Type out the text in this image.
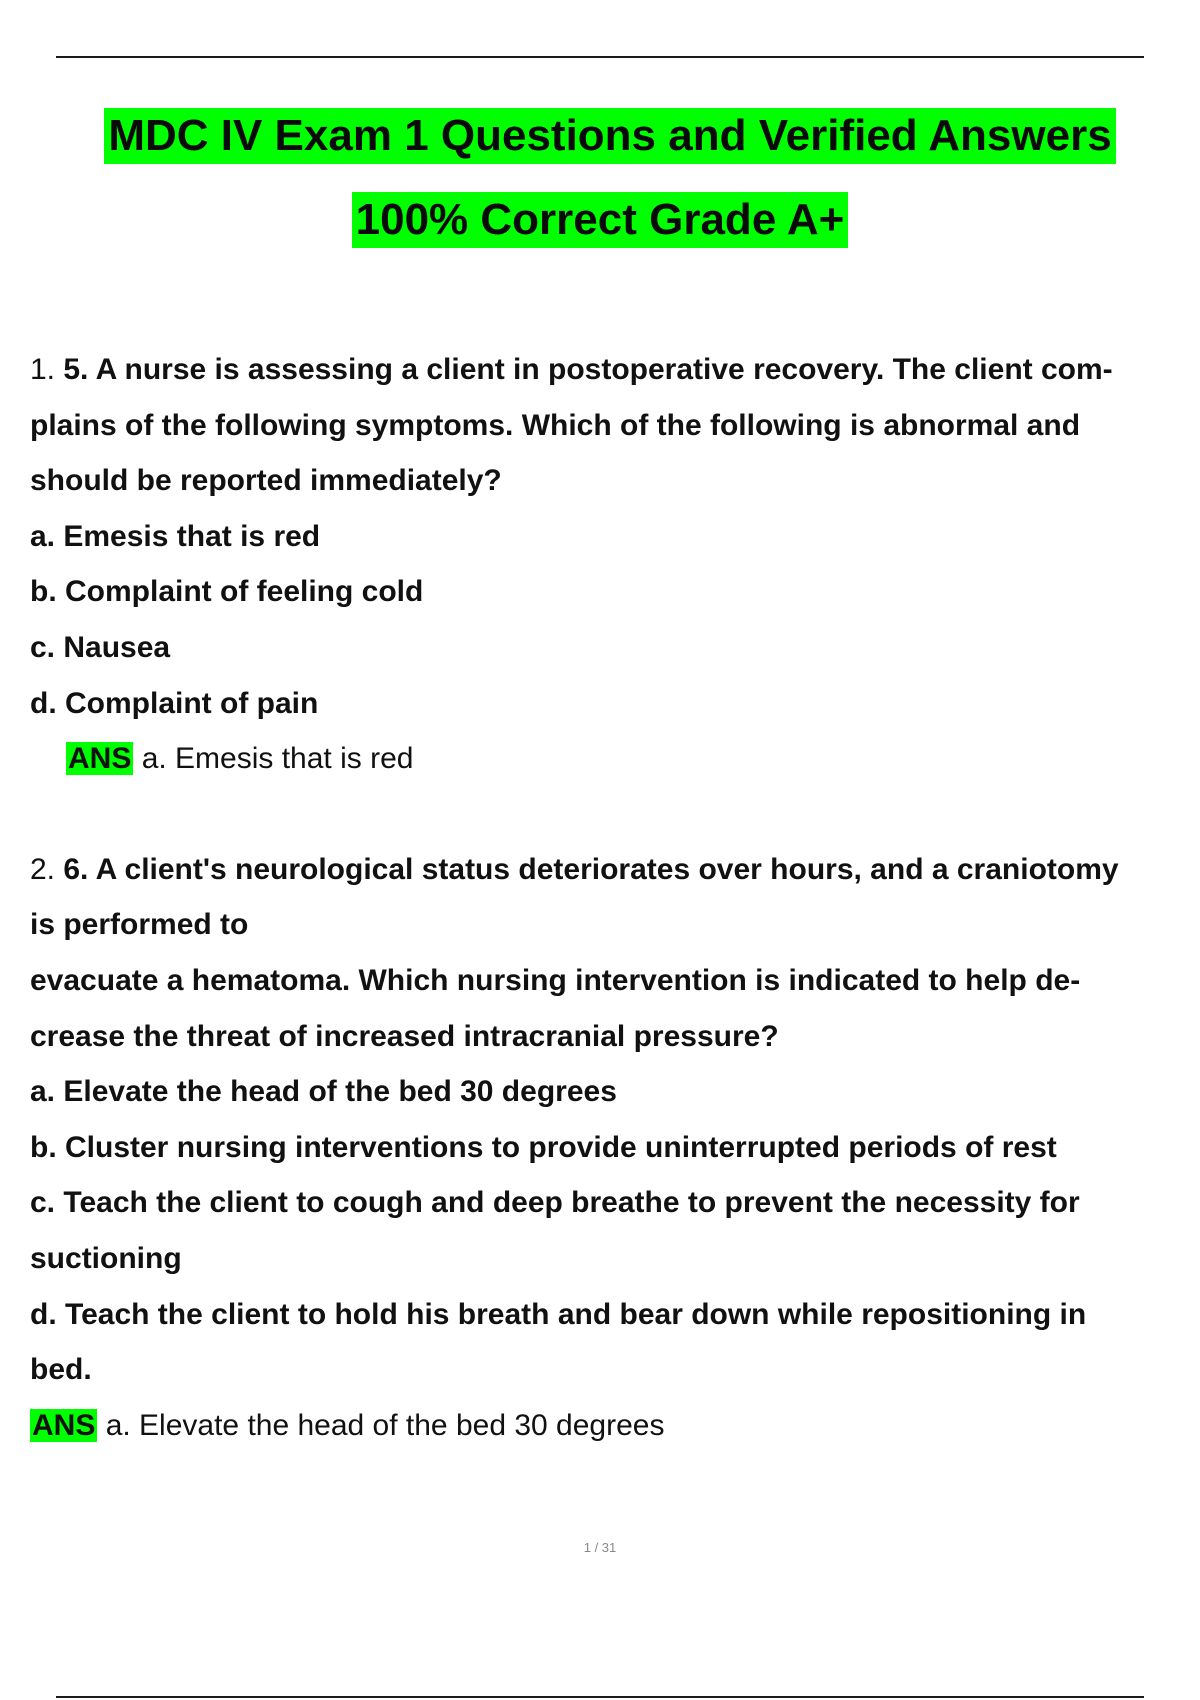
MDC IV Exam 1 Questions and Verified Answers
100% Correct Grade A+

1. 5. A nurse is assessing a client in postoperative recovery. The client com-

plains of the following symptoms. Which of the following is abnormal and

should be reported immediately?

a. Emesis that is red

b. Complaint of feeling cold

c. Nausea

d. Complaint of pain

ANS a. Emesis that is red

2. 6. A client's neurological status deteriorates over hours, and a craniotomy

is performed to

evacuate a hematoma. Which nursing intervention is indicated to help de-

crease the threat of increased intracranial pressure?

a. Elevate the head of the bed 30 degrees

b. Cluster nursing interventions to provide uninterrupted periods of rest

c. Teach the client to cough and deep breathe to prevent the necessity for

suctioning

d. Teach the client to hold his breath and bear down while repositioning in

bed.

ANS a. Elevate the head of the bed 30 degrees

1 / 31
